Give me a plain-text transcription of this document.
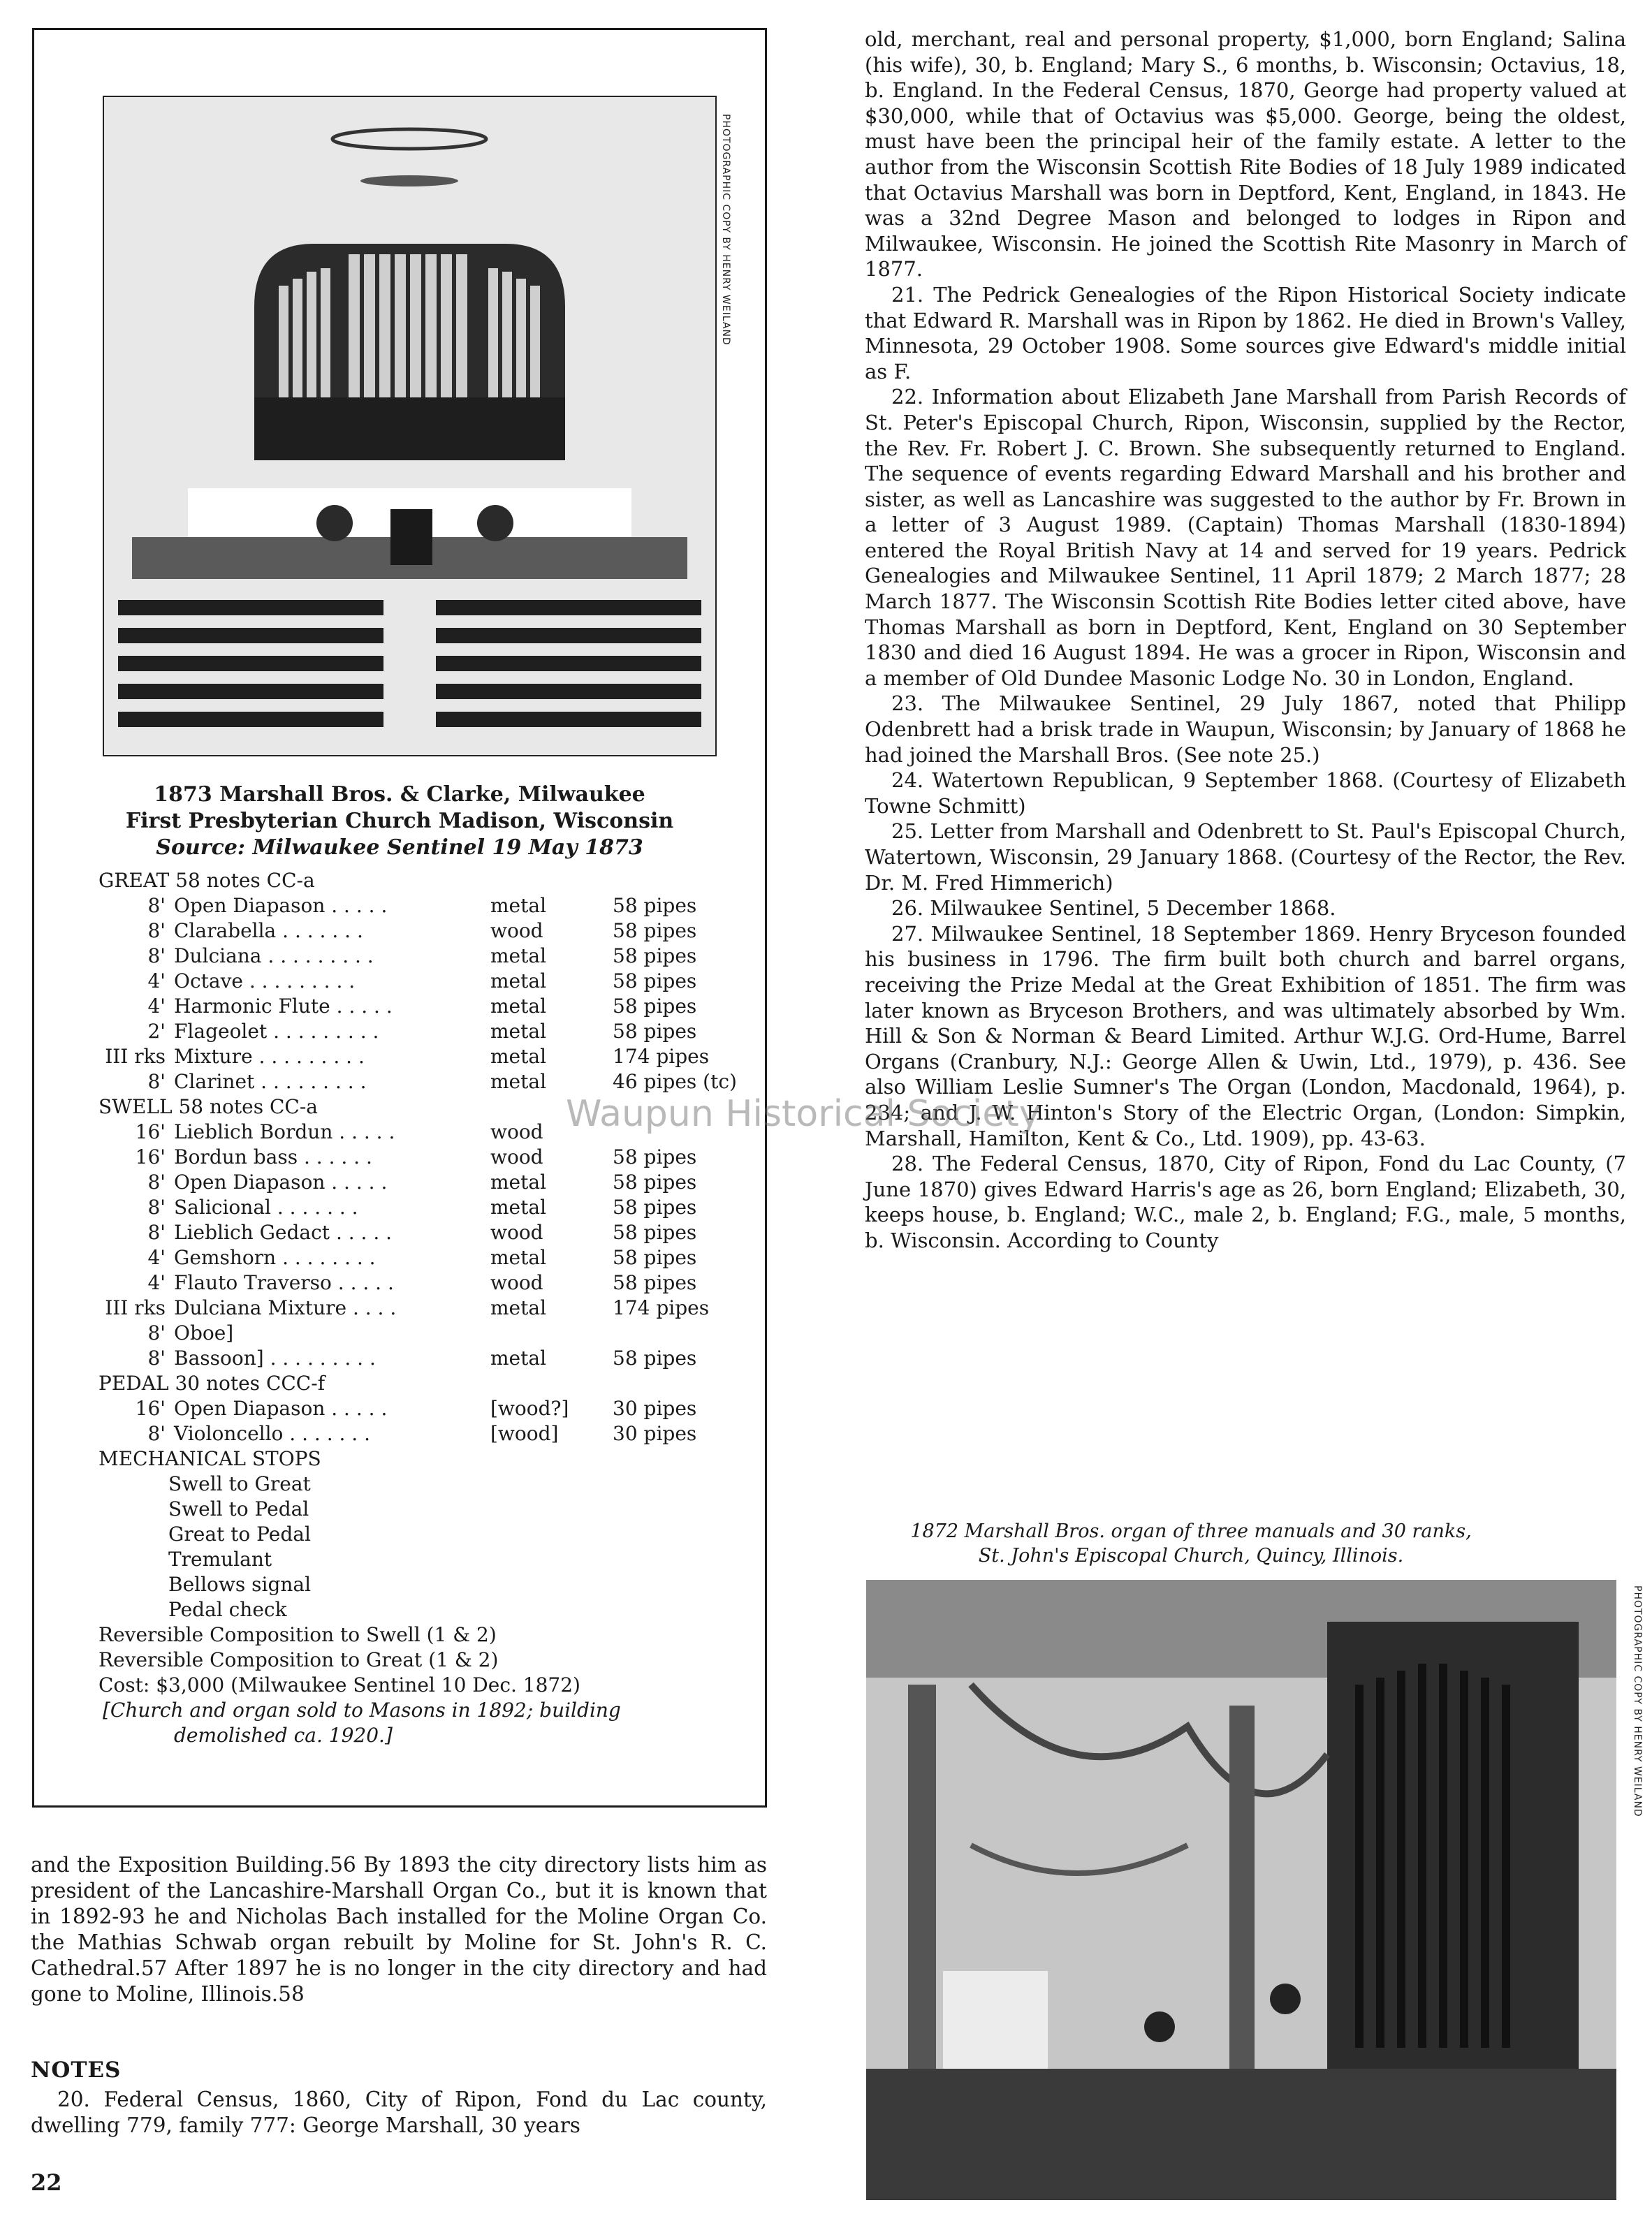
PHOTOGRAPHIC COPY BY HENRY WEILAND
1873 Marshall Bros. & Clarke, Milwaukee
First Presbyterian Church Madison, Wisconsin
Source: Milwaukee Sentinel 19 May 1873
GREAT 58 notes CC-a
8' Open Diapason . . . . .	metal	58 pipes
8' Clarabella . . . . . . .	wood	58 pipes
8' Dulciana . . . . . . . . .	metal	58 pipes
4' Octave . . . . . . . . .	metal	58 pipes
4' Harmonic Flute . . . . .	metal	58 pipes
2' Flageolet . . . . . . . . .	metal	58 pipes
III rks Mixture . . . . . . . . .	metal	174 pipes
8' Clarinet . . . . . . . . .	metal	46 pipes (tc)
SWELL 58 notes CC-a
16' Lieblich Bordun . . . . .	wood
16' Bordun bass . . . . . .	wood	58 pipes
8' Open Diapason . . . . .	metal	58 pipes
8' Salicional . . . . . . .	metal	58 pipes
8' Lieblich Gedact . . . . .	wood	58 pipes
4' Gemshorn . . . . . . . .	metal	58 pipes
4' Flauto Traverso . . . . .	wood	58 pipes
III rks Dulciana Mixture . . . .	metal	174 pipes
8' Oboe]
8' Bassoon] . . . . . . . . .	metal	58 pipes
PEDAL 30 notes CCC-f
16' Open Diapason . . . . .	[wood?] 30 pipes
8' Violoncello . . . . . . .	[wood]	30 pipes
MECHANICAL STOPS
Swell to Great
Swell to Pedal
Great to Pedal
Tremulant
Bellows signal
Pedal check
Reversible Composition to Swell (1 & 2)
Reversible Composition to Great (1 & 2)
Cost: $3,000 (Milwaukee Sentinel 10 Dec. 1872)
[Church and organ sold to Masons in 1892; building
demolished ca. 1920.]

and the Exposition Building.56 By 1893 the city directory lists him as president of the Lancashire-Marshall Organ Co., but it is known that in 1892-93 he and Nicholas Bach installed for the Moline Organ Co. the Mathias Schwab organ rebuilt by Moline for St. John's R. C. Cathedral.57 After 1897 he is no longer in the city directory and had gone to Moline, Illinois.58

NOTES

20. Federal Census, 1860, City of Ripon, Fond du Lac county, dwelling 779, family 777: George Marshall, 30 years

22

old, merchant, real and personal property, $1,000, born England; Salina (his wife), 30, b. England; Mary S., 6 months, b. Wisconsin; Octavius, 18, b. England. In the Federal Census, 1870, George had property valued at $30,000, while that of Octavius was $5,000. George, being the oldest, must have been the principal heir of the family estate. A letter to the author from the Wisconsin Scottish Rite Bodies of 18 July 1989 indicated that Octavius Marshall was born in Deptford, Kent, England, in 1843. He was a 32nd Degree Mason and belonged to lodges in Ripon and Milwaukee, Wisconsin. He joined the Scottish Rite Masonry in March of 1877.

21. The Pedrick Genealogies of the Ripon Historical Society indicate that Edward R. Marshall was in Ripon by 1862. He died in Brown's Valley, Minnesota, 29 October 1908. Some sources give Edward's middle initial as F.

22. Information about Elizabeth Jane Marshall from Parish Records of St. Peter's Episcopal Church, Ripon, Wisconsin, supplied by the Rector, the Rev. Fr. Robert J. C. Brown. She subsequently returned to England. The sequence of events regarding Edward Marshall and his brother and sister, as well as Lancashire was suggested to the author by Fr. Brown in a letter of 3 August 1989. (Captain) Thomas Marshall (1830-1894) entered the Royal British Navy at 14 and served for 19 years. Pedrick Genealogies and Milwaukee Sentinel, 11 April 1879; 2 March 1877; 28 March 1877. The Wisconsin Scottish Rite Bodies letter cited above, have Thomas Marshall as born in Deptford, Kent, England on 30 September 1830 and died 16 August 1894. He was a grocer in Ripon, Wisconsin and a member of Old Dundee Masonic Lodge No. 30 in London, England.

23. The Milwaukee Sentinel, 29 July 1867, noted that Philipp Odenbrett had a brisk trade in Waupun, Wisconsin; by January of 1868 he had joined the Marshall Bros. (See note 25.)

24. Watertown Republican, 9 September 1868. (Courtesy of Elizabeth Towne Schmitt)

25. Letter from Marshall and Odenbrett to St. Paul's Episcopal Church, Watertown, Wisconsin, 29 January 1868. (Courtesy of the Rector, the Rev. Dr. M. Fred Himmerich)

26. Milwaukee Sentinel, 5 December 1868.

27. Milwaukee Sentinel, 18 September 1869. Henry Bryceson founded his business in 1796. The firm built both church and barrel organs, receiving the Prize Medal at the Great Exhibition of 1851. The firm was later known as Bryceson Brothers, and was ultimately absorbed by Wm. Hill & Son & Norman & Beard Limited. Arthur W.J.G. Ord-Hume, Barrel Organs (Cranbury, N.J.: George Allen & Uwin, Ltd., 1979), p. 436. See also William Leslie Sumner's The Organ (London, Macdonald, 1964), p. 234; and J. W. Hinton's Story of the Electric Organ, (London: Simpkin, Marshall, Hamilton, Kent & Co., Ltd. 1909), pp. 43-63.

28. The Federal Census, 1870, City of Ripon, Fond du Lac County, (7 June 1870) gives Edward Harris's age as 26, born England; Elizabeth, 30, keeps house, b. England; W.C., male 2, b. England; F.G., male, 5 months, b. Wisconsin. According to County

1872 Marshall Bros. organ of three manuals and 30 ranks,
St. John's Episcopal Church, Quincy, Illinois.
PHOTOGRAPHIC COPY BY HENRY WEILAND
Waupun Historical Society
